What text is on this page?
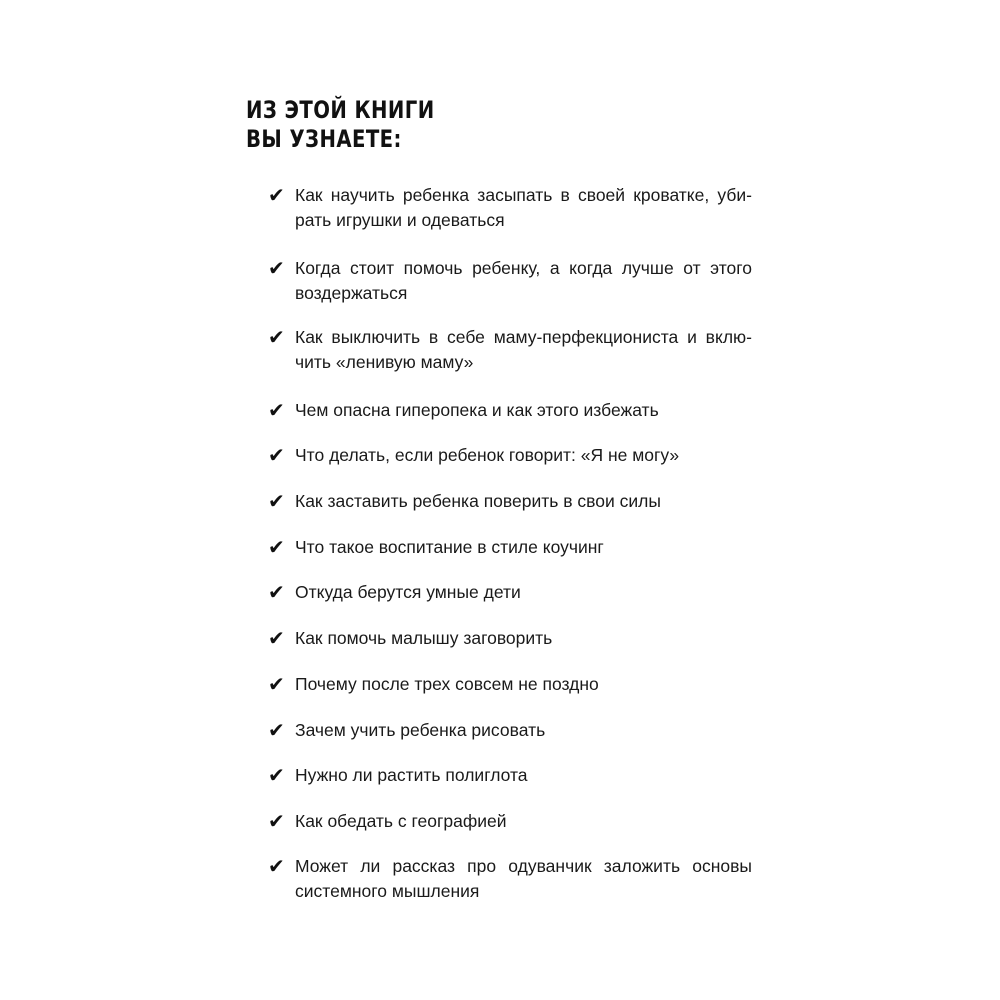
ИЗ ЭТОЙ КНИГИ
ВЫ УЗНАЕТЕ:
✔ Как научить ребенка засыпать в своей кроватке, уби-
рать игрушки и одеваться
✔ Когда стоит помочь ребенку, а когда лучше от этого
воздержаться
✔ Как выключить в себе маму-перфекциониста и вклю-
чить «ленивую маму»
✔ Чем опасна гиперопека и как этого избежать
✔ Что делать, если ребенок говорит: «Я не могу»
✔ Как заставить ребенка поверить в свои силы
✔ Что такое воспитание в стиле коучинг
✔ Откуда берутся умные дети
✔ Как помочь малышу заговорить
✔ Почему после трех совсем не поздно
✔ Зачем учить ребенка рисовать
✔ Нужно ли растить полиглота
✔ Как обедать с географией
✔ Может ли рассказ про одуванчик заложить основы
системного мышления
